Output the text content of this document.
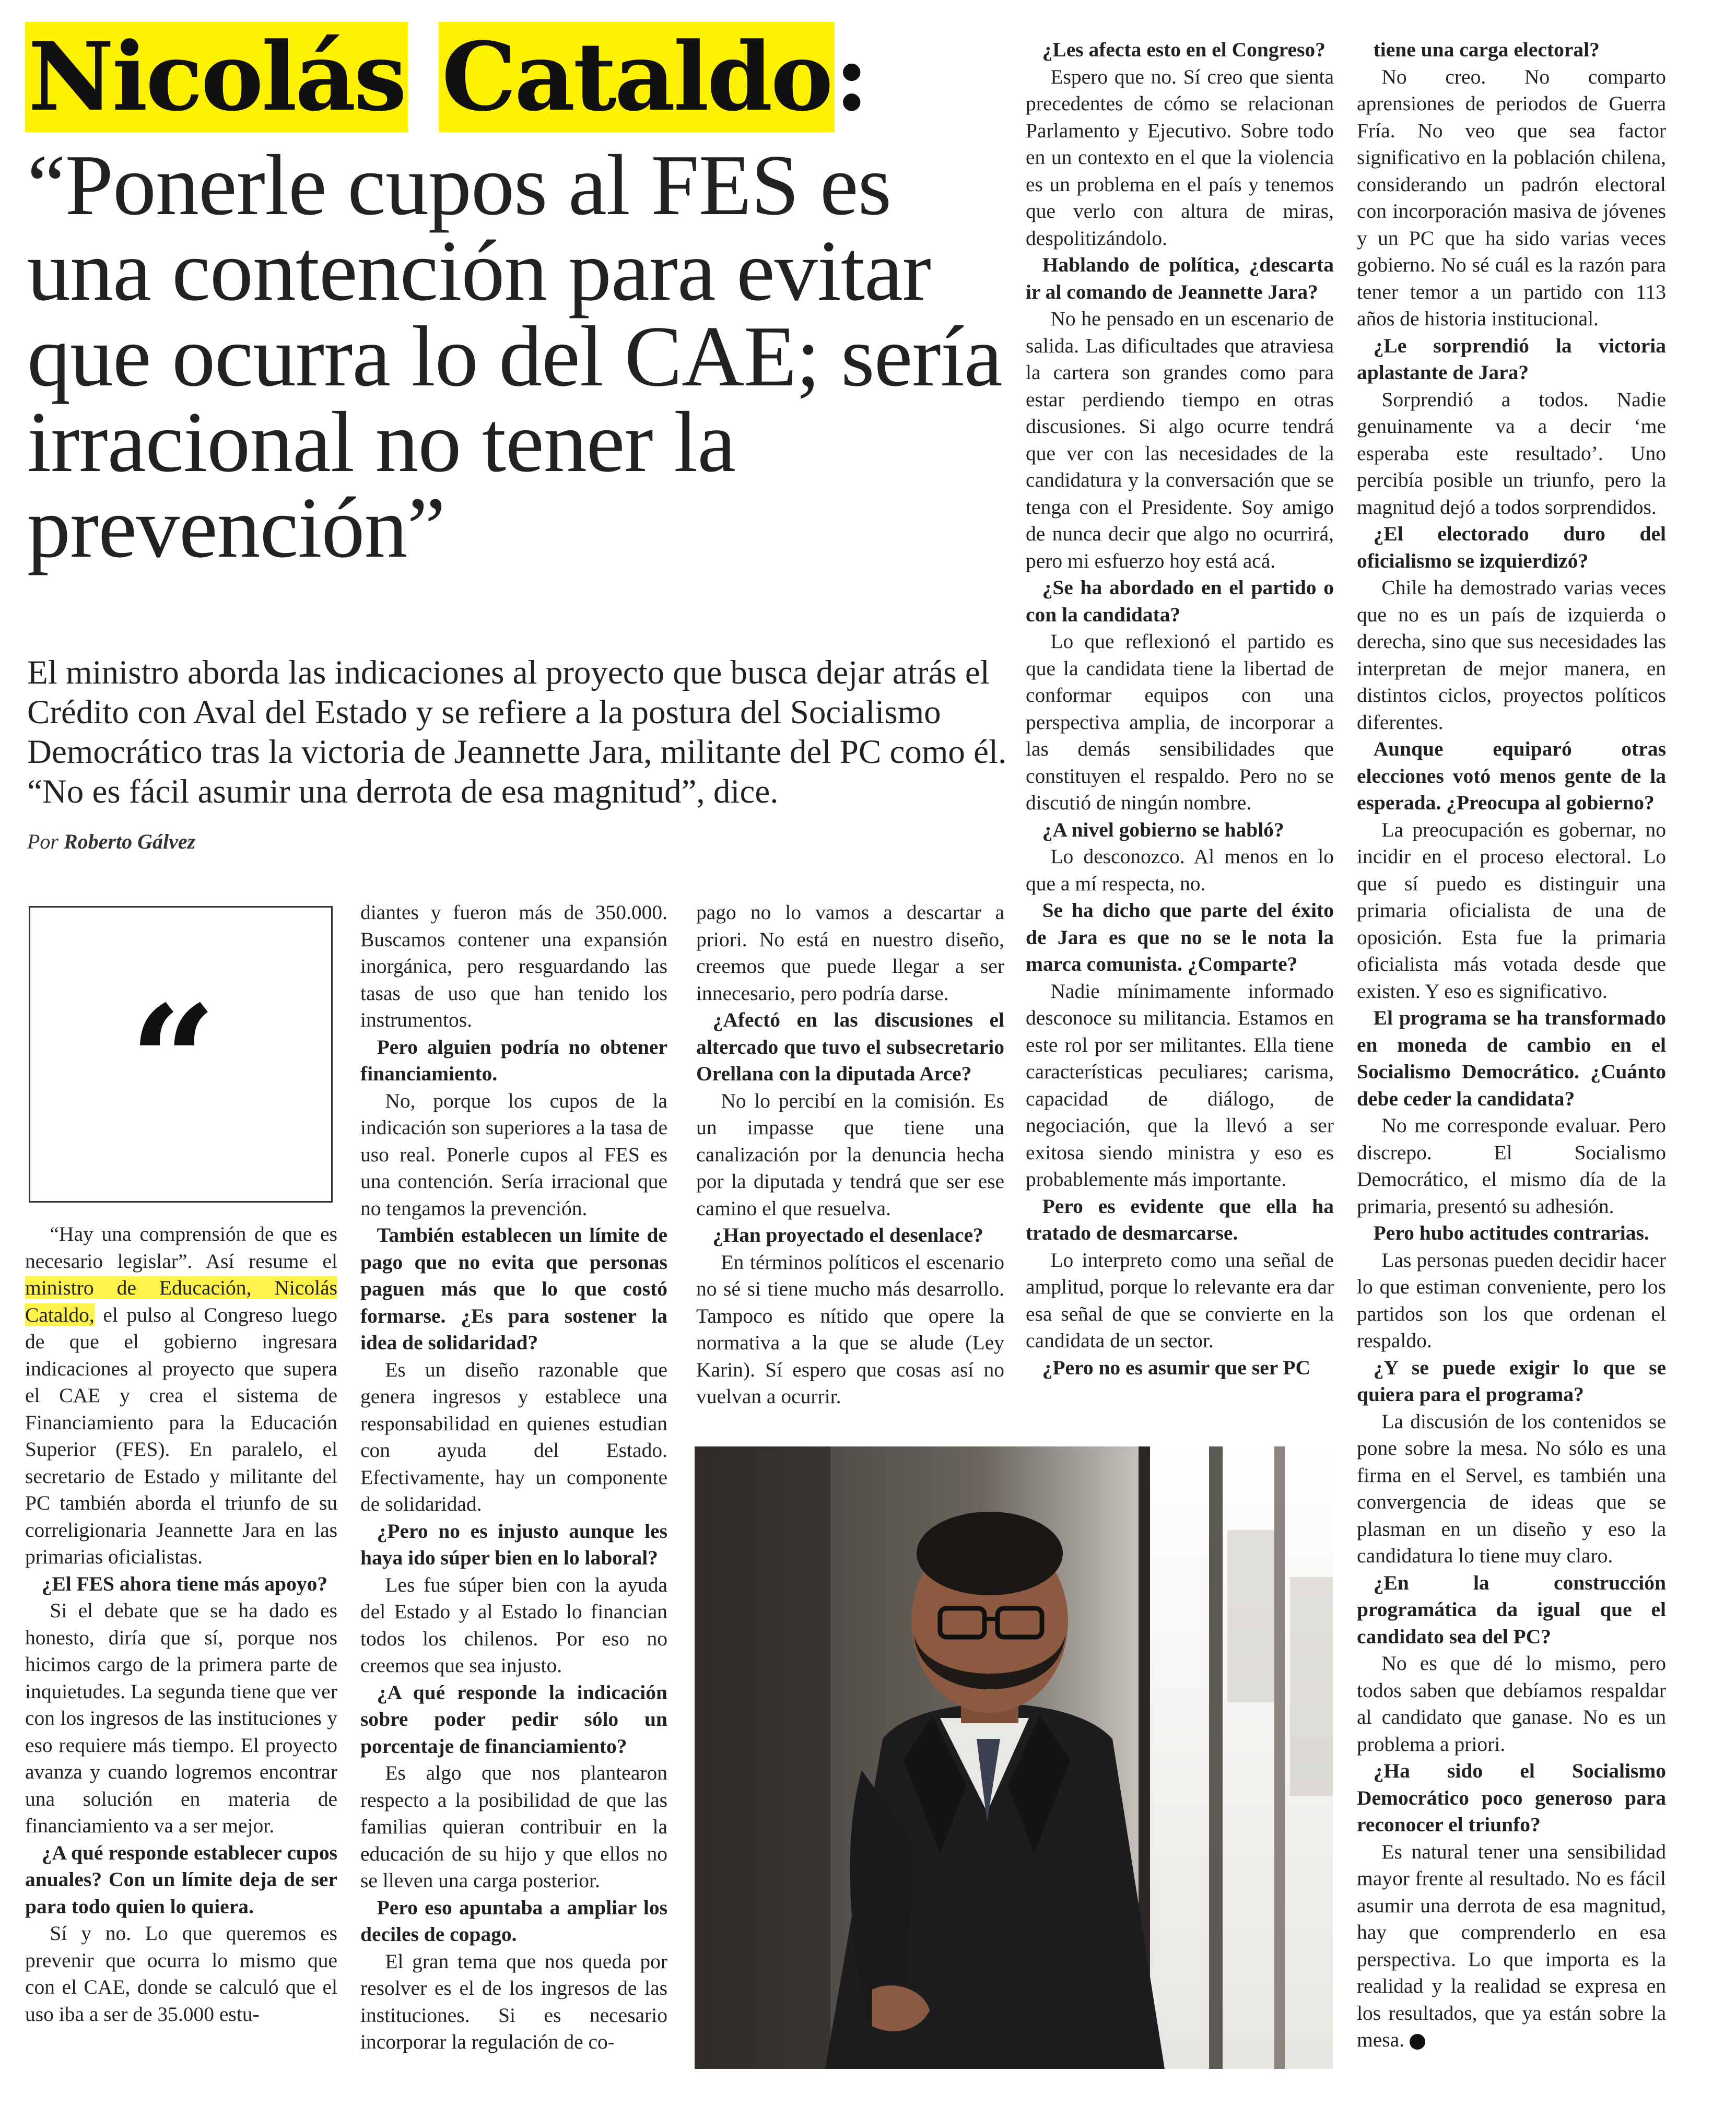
Nicolás Cataldo:
“Ponerle cupos al FES es una contención para evitar que ocurra lo del CAE; sería irracional no tener la prevención”
El ministro aborda las indicaciones al proyecto que busca dejar atrás el Crédito con Aval del Estado y se refiere a la postura del Socialismo Democrático tras la victoria de Jeannette Jara, militante del PC como él. “No es fácil asumir una derrota de esa magnitud”, dice.
Por Roberto Gálvez
“

“Hay una comprensión de que es necesario legislar”. Así resume el ministro de Educación, Nicolás Cataldo, el pulso al Congreso luego de que el gobierno ingresara indicaciones al proyecto que supera el CAE y crea el sistema de Financiamiento para la Educación Superior (FES). En paralelo, el secretario de Estado y militante del PC también aborda el triunfo de su correligionaria Jeannette Jara en las primarias oficialistas.

¿El FES ahora tiene más apoyo?

Si el debate que se ha dado es honesto, diría que sí, porque nos hicimos cargo de la primera parte de inquietudes. La segunda tiene que ver con los ingresos de las instituciones y eso requiere más tiempo. El proyecto avanza y cuando logremos encontrar una solución en materia de financiamiento va a ser mejor.

¿A qué responde establecer cupos anuales? Con un límite deja de ser para todo quien lo quiera.

Sí y no. Lo que queremos es prevenir que ocurra lo mismo que con el CAE, donde se calculó que el uso iba a ser de 35.000 estu-

diantes y fueron más de 350.000. Buscamos contener una expansión inorgánica, pero resguardando las tasas de uso que han tenido los instrumentos.

Pero alguien podría no obtener financiamiento.

No, porque los cupos de la indicación son superiores a la tasa de uso real. Ponerle cupos al FES es una contención. Sería irracional que no tengamos la prevención.

También establecen un límite de pago que no evita que personas paguen más que lo que costó formarse. ¿Es para sostener la idea de solidaridad?

Es un diseño razonable que genera ingresos y establece una responsabilidad en quienes estudian con ayuda del Estado. Efectivamente, hay un componente de solidaridad.

¿Pero no es injusto aunque les haya ido súper bien en lo laboral?

Les fue súper bien con la ayuda del Estado y al Estado lo financian todos los chilenos. Por eso no creemos que sea injusto.

¿A qué responde la indicación sobre poder pedir sólo un porcentaje de financiamiento?

Es algo que nos plantearon respecto a la posibilidad de que las familias quieran contribuir en la educación de su hijo y que ellos no se lleven una carga posterior.

Pero eso apuntaba a ampliar los deciles de copago.

El gran tema que nos queda por resolver es el de los ingresos de las instituciones. Si es necesario incorporar la regulación de co-

pago no lo vamos a descartar a priori. No está en nuestro diseño, creemos que puede llegar a ser innecesario, pero podría darse.

¿Afectó en las discusiones el altercado que tuvo el subsecretario Orellana con la diputada Arce?

No lo percibí en la comisión. Es un impasse que tiene una canalización por la denuncia hecha por la diputada y tendrá que ser ese camino el que resuelva.

¿Han proyectado el desenlace?

En términos políticos el escenario no sé si tiene mucho más desarrollo. Tampoco es nítido que opere la normativa a la que se alude (Ley Karin). Sí espero que cosas así no vuelvan a ocurrir.

¿Les afecta esto en el Congreso?

Espero que no. Sí creo que sienta precedentes de cómo se relacionan Parlamento y Ejecutivo. Sobre todo en un contexto en el que la violencia es un problema en el país y tenemos que verlo con altura de miras, despolitizándolo.

Hablando de política, ¿descarta ir al comando de Jeannette Jara?

No he pensado en un escenario de salida. Las dificultades que atraviesa la cartera son grandes como para estar perdiendo tiempo en otras discusiones. Si algo ocurre tendrá que ver con las necesidades de la candidatura y la conversación que se tenga con el Presidente. Soy amigo de nunca decir que algo no ocurrirá, pero mi esfuerzo hoy está acá.

¿Se ha abordado en el partido o con la candidata?

Lo que reflexionó el partido es que la candidata tiene la libertad de conformar equipos con una perspectiva amplia, de incorporar a las demás sensibilidades que constituyen el respaldo. Pero no se discutió de ningún nombre.

¿A nivel gobierno se habló?

Lo desconozco. Al menos en lo que a mí respecta, no.

Se ha dicho que parte del éxito de Jara es que no se le nota la marca comunista. ¿Comparte?

Nadie mínimamente informado desconoce su militancia. Estamos en este rol por ser militantes. Ella tiene características peculiares; carisma, capacidad de diálogo, de negociación, que la llevó a ser exitosa siendo ministra y eso es probablemente más importante.

Pero es evidente que ella ha tratado de desmarcarse.

Lo interpreto como una señal de amplitud, porque lo relevante era dar esa señal de que se convierte en la candidata de un sector.

¿Pero no es asumir que ser PC

tiene una carga electoral?

No creo. No comparto aprensiones de periodos de Guerra Fría. No veo que sea factor significativo en la población chilena, considerando un padrón electoral con incorporación masiva de jóvenes y un PC que ha sido varias veces gobierno. No sé cuál es la razón para tener temor a un partido con 113 años de historia institucional.

¿Le sorprendió la victoria aplastante de Jara?

Sorprendió a todos. Nadie genuinamente va a decir ‘me esperaba este resultado’. Uno percibía posible un triunfo, pero la magnitud dejó a todos sorprendidos.

¿El electorado duro del oficialismo se izquierdizó?

Chile ha demostrado varias veces que no es un país de izquierda o derecha, sino que sus necesidades las interpretan de mejor manera, en distintos ciclos, proyectos políticos diferentes.

Aunque equiparó otras elecciones votó menos gente de la esperada. ¿Preocupa al gobierno?

La preocupación es gobernar, no incidir en el proceso electoral. Lo que sí puedo es distinguir una primaria oficialista de una de oposición. Esta fue la primaria oficialista más votada desde que existen. Y eso es significativo.

El programa se ha transformado en moneda de cambio en el Socialismo Democrático. ¿Cuánto debe ceder la candidata?

No me corresponde evaluar. Pero discrepo. El Socialismo Democrático, el mismo día de la primaria, presentó su adhesión.

Pero hubo actitudes contrarias.

Las personas pueden decidir hacer lo que estiman conveniente, pero los partidos son los que ordenan el respaldo.

¿Y se puede exigir lo que se quiera para el programa?

La discusión de los contenidos se pone sobre la mesa. No sólo es una firma en el Servel, es también una convergencia de ideas que se plasman en un diseño y eso la candidatura lo tiene muy claro.

¿En la construcción programática da igual que el candidato sea del PC?

No es que dé lo mismo, pero todos saben que debíamos respaldar al candidato que ganase. No es un problema a priori.

¿Ha sido el Socialismo Democrático poco generoso para reconocer el triunfo?

Es natural tener una sensibilidad mayor frente al resultado. No es fácil asumir una derrota de esa magnitud, hay que comprenderlo en esa perspectiva. Lo que importa es la realidad y la realidad se expresa en los resultados, que ya están sobre la mesa.
